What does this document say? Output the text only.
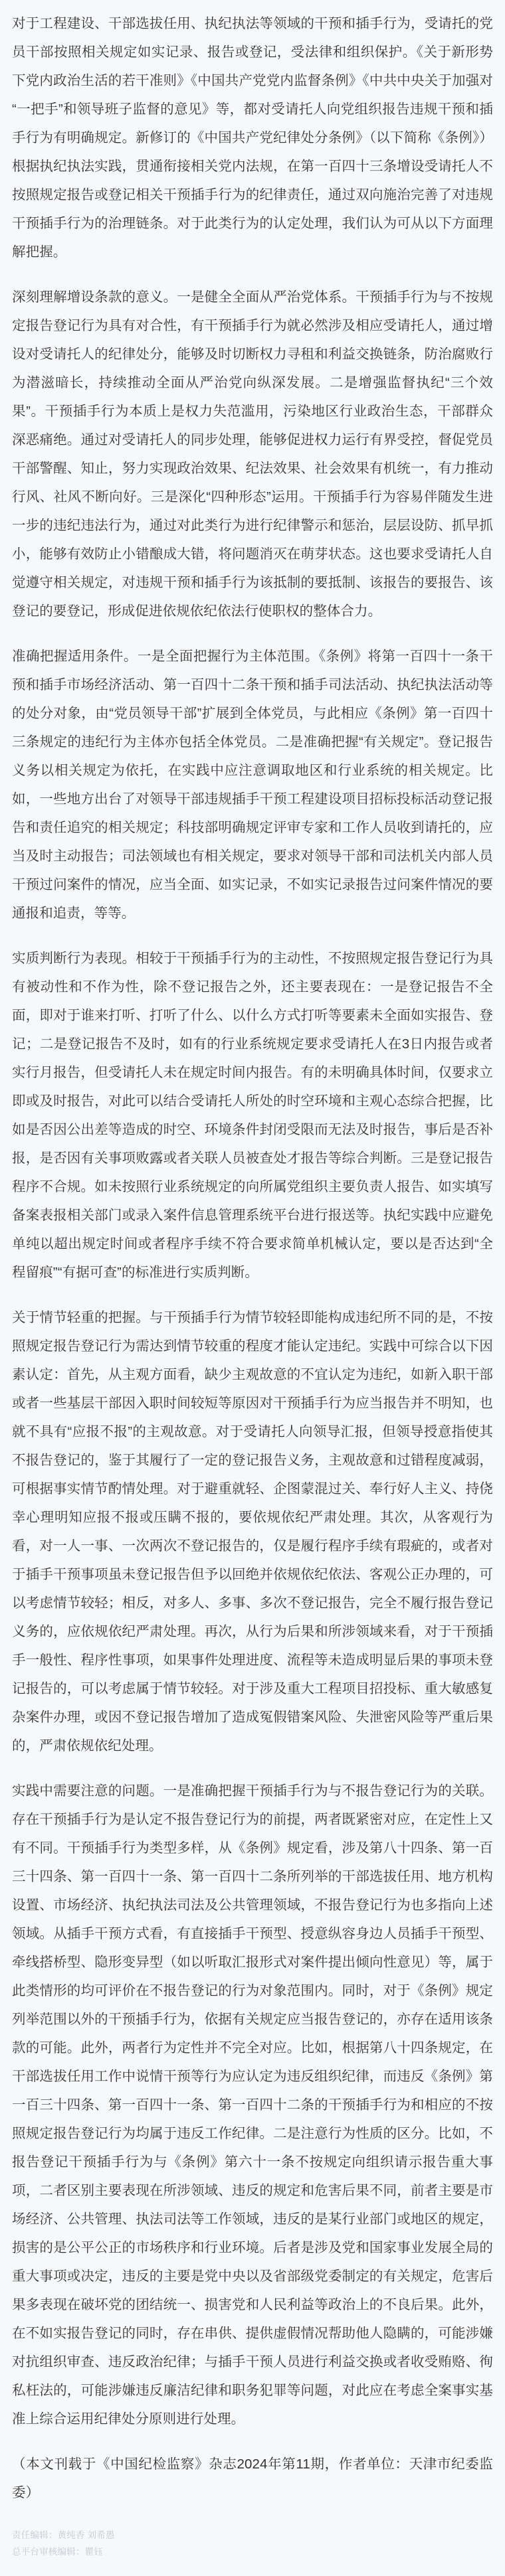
对于工程建设、干部选拔任用、执纪执法等领域的干预和插手行为，受请托的党员干部按照相关规定如实记录、报告或登记，受法律和组织保护。《关于新形势下党内政治生活的若干准则》《中国共产党党内监督条例》《中共中央关于加强对“一把手”和领导班子监督的意见》等，都对受请托人向党组织报告违规干预和插手行为有明确规定。新修订的《中国共产党纪律处分条例》（以下简称《条例》）根据执纪执法实践，贯通衔接相关党内法规，在第一百四十三条增设受请托人不按照规定报告或登记相关干预插手行为的纪律责任，通过双向施治完善了对违规干预插手行为的治理链条。对于此类行为的认定处理，我们认为可从以下方面理解把握。

深刻理解增设条款的意义。一是健全全面从严治党体系。干预插手行为与不按规定报告登记行为具有对合性，有干预插手行为就必然涉及相应受请托人，通过增设对受请托人的纪律处分，能够及时切断权力寻租和利益交换链条，防治腐败行为潜滋暗长，持续推动全面从严治党向纵深发展。二是增强监督执纪“三个效果”。干预插手行为本质上是权力失范滥用，污染地区行业政治生态，干部群众深恶痛绝。通过对受请托人的同步处理，能够促进权力运行有界受控，督促党员干部警醒、知止，努力实现政治效果、纪法效果、社会效果有机统一，有力推动行风、社风不断向好。三是深化“四种形态”运用。干预插手行为容易伴随发生进一步的违纪违法行为，通过对此类行为进行纪律警示和惩治，层层设防、抓早抓小，能够有效防止小错酿成大错，将问题消灭在萌芽状态。这也要求受请托人自觉遵守相关规定，对违规干预和插手行为该抵制的要抵制、该报告的要报告、该登记的要登记，形成促进依规依纪依法行使职权的整体合力。

准确把握适用条件。一是全面把握行为主体范围。《条例》将第一百四十一条干预和插手市场经济活动、第一百四十二条干预和插手司法活动、执纪执法活动等的处分对象，由“党员领导干部”扩展到全体党员，与此相应《条例》第一百四十三条规定的违纪行为主体亦包括全体党员。二是准确把握“有关规定”。登记报告义务以相关规定为依托，在实践中应注意调取地区和行业系统的相关规定。比如，一些地方出台了对领导干部违规插手干预工程建设项目招标投标活动登记报告和责任追究的相关规定；科技部明确规定评审专家和工作人员收到请托的，应当及时主动报告；司法领域也有相关规定，要求对领导干部和司法机关内部人员干预过问案件的情况，应当全面、如实记录，不如实记录报告过问案件情况的要通报和追责，等等。

实质判断行为表现。相较于干预插手行为的主动性，不按照规定报告登记行为具有被动性和不作为性，除不登记报告之外，还主要表现在：一是登记报告不全面，即对于谁来打听、打听了什么、以什么方式打听等要素未全面如实报告、登记；二是登记报告不及时，如有的行业系统规定要求受请托人在3日内报告或者实行月报告，但受请托人未在规定时间内报告。有的未明确具体时间，仅要求立即或及时报告，对此可以结合受请托人所处的时空环境和主观心态综合把握，比如是否因公出差等造成的时空、环境条件封闭受限而无法及时报告，事后是否补报，是否因有关事项败露或者关联人员被查处才报告等综合判断。三是登记报告程序不合规。如未按照行业系统规定的向所属党组织主要负责人报告、如实填写备案表报相关部门或录入案件信息管理系统平台进行报送等。执纪实践中应避免单纯以超出规定时间或者程序手续不符合要求简单机械认定，要以是否达到“全程留痕”“有据可查”的标准进行实质判断。

关于情节轻重的把握。与干预插手行为情节较轻即能构成违纪所不同的是，不按照规定报告登记行为需达到情节较重的程度才能认定违纪。实践中可综合以下因素认定：首先，从主观方面看，缺少主观故意的不宜认定为违纪，如新入职干部或者一些基层干部因入职时间较短等原因对干预插手行为应当报告并不明知，也就不具有“应报不报”的主观故意。对于受请托人向领导汇报，但领导授意指使其不报告登记的，鉴于其履行了一定的登记报告义务，主观故意和过错程度减弱，可根据事实情节酌情处理。对于避重就轻、企图蒙混过关、奉行好人主义、持侥幸心理明知应报不报或压瞒不报的，要依规依纪严肃处理。其次，从客观行为看，对一人一事、一次两次不登记报告的，仅是履行程序手续有瑕疵的，或者对于插手干预事项虽未登记报告但予以回绝并依规依纪依法、客观公正办理的，可以考虑情节较轻；相反，对多人、多事、多次不登记报告，完全不履行报告登记义务的，应依规依纪严肃处理。再次，从行为后果和所涉领域来看，对于干预插手一般性、程序性事项，如果事件处理进度、流程等未造成明显后果的事项未登记报告的，可以考虑属于情节较轻。对于涉及重大工程项目招投标、重大敏感复杂案件办理，或因不登记报告增加了造成冤假错案风险、失泄密风险等严重后果的，严肃依规依纪处理。

实践中需要注意的问题。一是准确把握干预插手行为与不报告登记行为的关联。存在干预插手行为是认定不报告登记行为的前提，两者既紧密对应，在定性上又有不同。干预插手行为类型多样，从《条例》规定看，涉及第八十四条、第一百三十四条、第一百四十一条、第一百四十二条所列举的干部选拔任用、地方机构设置、市场经济、执纪执法司法及公共管理领域，不报告登记行为也多指向上述领域。从插手干预方式看，有直接插手干预型、授意纵容身边人员插手干预型、牵线搭桥型、隐形变异型（如以听取汇报形式对案件提出倾向性意见）等，属于此类情形的均可评价在不报告登记的行为对象范围内。同时，对于《条例》规定列举范围以外的干预插手行为，依据有关规定应当报告登记的，亦存在适用该条款的可能。此外，两者行为定性并不完全对应。比如，根据第八十四条规定，在干部选拔任用工作中说情干预等行为应认定为违反组织纪律，而违反《条例》第一百三十四条、第一百四十一条、第一百四十二条的干预插手行为和相应的不按照规定报告登记行为均属于违反工作纪律。二是注意行为性质的区分。比如，不报告登记干预插手行为与《条例》第六十一条不按规定向组织请示报告重大事项，二者区别主要表现在所涉领域、违反的规定和危害后果不同，前者主要是市场经济、公共管理、执法司法等工作领域，违反的是某行业部门或地区的规定，损害的是公平公正的市场秩序和行业环境。后者是涉及党和国家事业发展全局的重大事项或决定，违反的主要是党中央以及省部级党委制定的有关规定，危害后果多表现在破坏党的团结统一、损害党和人民利益等政治上的不良后果。此外，在不如实报告登记的同时，存在串供、提供虚假情况帮助他人隐瞒的，可能涉嫌对抗组织审查、违反政治纪律；与插手干预人员进行利益交换或者收受贿赂、徇私枉法的，可能涉嫌违反廉洁纪律和职务犯罪等问题，对此应在考虑全案事实基准上综合运用纪律处分原则进行处理。

（本文刊载于《中国纪检监察》杂志2024年第11期，作者单位：天津市纪委监委）

责任编辑：黄纯香 刘希愚

总平台审核编辑：瞿钰
